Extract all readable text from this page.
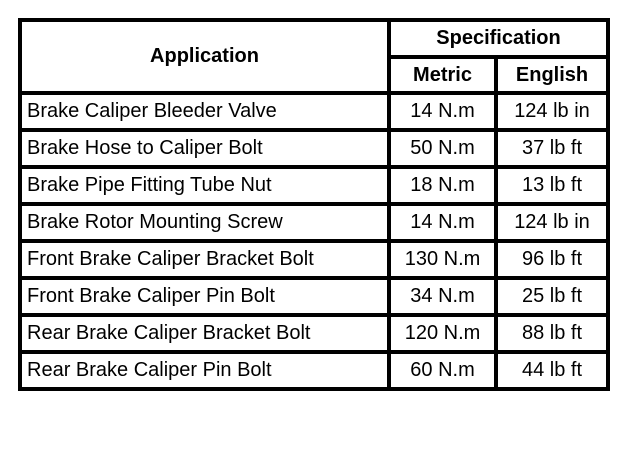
Application	Specification	
	Metric	English
Brake Caliper Bleeder Valve	14 N.m	124 lb in
Brake Hose to Caliper Bolt	50 N.m	37 lb ft
Brake Pipe Fitting Tube Nut	18 N.m	13 lb ft
Brake Rotor Mounting Screw	14 N.m	124 lb in
Front Brake Caliper Bracket Bolt	130 N.m	96 lb ft
Front Brake Caliper Pin Bolt	34 N.m	25 lb ft
Rear Brake Caliper Bracket Bolt	120 N.m	88 lb ft
Rear Brake Caliper Pin Bolt	60 N.m	44 lb ft
